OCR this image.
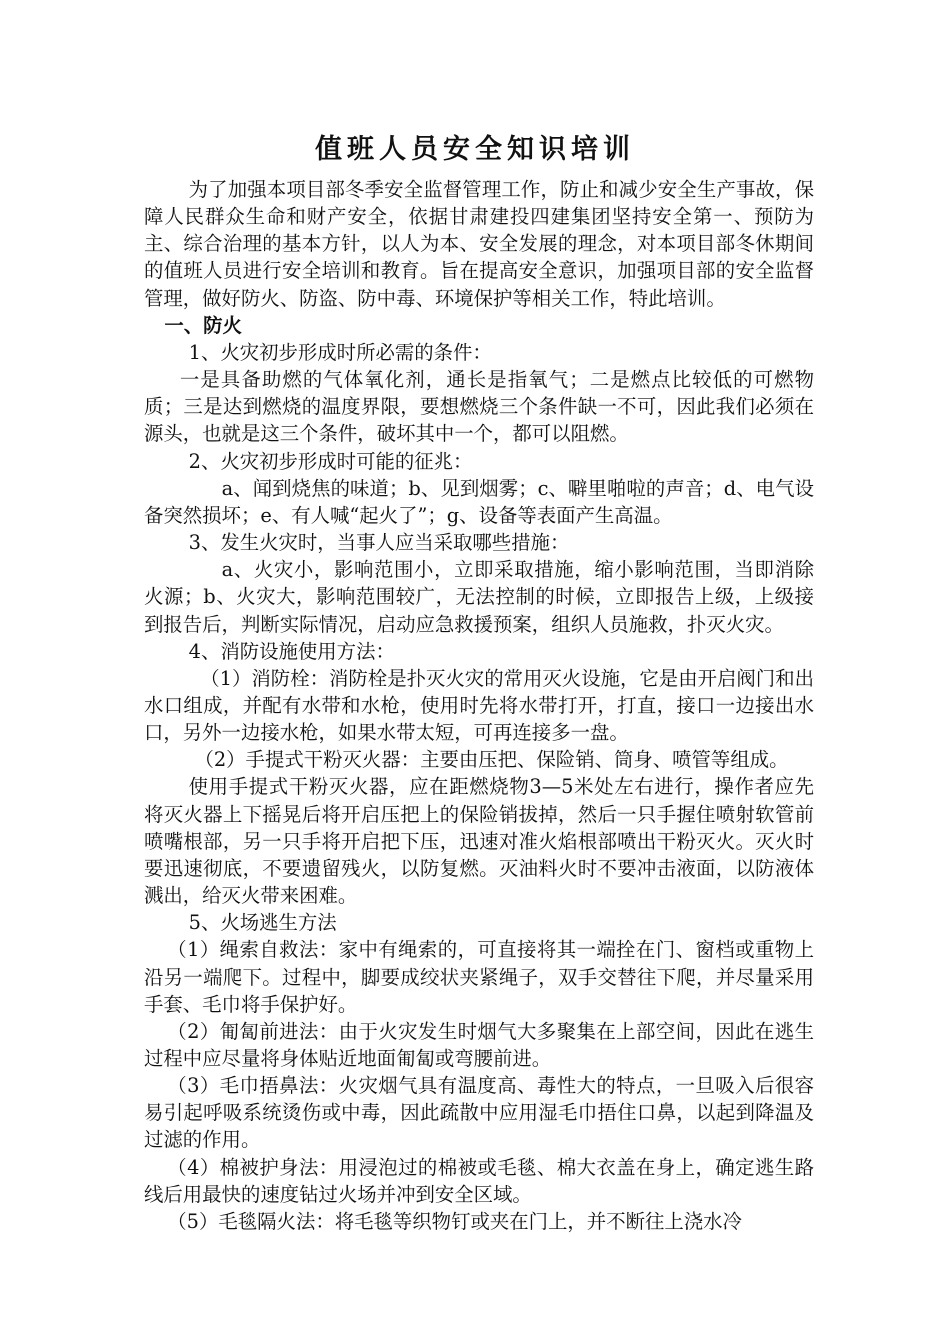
值班人员安全知识培训

为了加强本项目部冬季安全监督管理工作，防止和减少安全生产事故，保障人民群众生命和财产安全，依据甘肃建投四建集团坚持安全第一、预防为主、综合治理的基本方针，以人为本、安全发展的理念，对本项目部冬休期间的值班人员进行安全培训和教育。旨在提高安全意识，加强项目部的安全监督管理，做好防火、防盗、防中毒、环境保护等相关工作，特此培训。

一、防火

1、火灾初步形成时所必需的条件：

一是具备助燃的气体氧化剂，通长是指氧气；二是燃点比较低的可燃物质；三是达到燃烧的温度界限，要想燃烧三个条件缺一不可，因此我们必须在源头，也就是这三个条件，破坏其中一个，都可以阻燃。

2、火灾初步形成时可能的征兆：

a、闻到烧焦的味道；b、见到烟雾；c、噼里啪啦的声音；d、电气设备突然损坏；e、有人喊“起火了”；g、设备等表面产生高温。

3、发生火灾时，当事人应当采取哪些措施：

a、火灾小，影响范围小，立即采取措施，缩小影响范围，当即消除火源；b、火灾大，影响范围较广，无法控制的时候，立即报告上级，上级接到报告后，判断实际情况，启动应急救援预案，组织人员施救，扑灭火灾。

4、消防设施使用方法：

（1）消防栓：消防栓是扑灭火灾的常用灭火设施，它是由开启阀门和出水口组成，并配有水带和水枪，使用时先将水带打开，打直，接口一边接出水口，另外一边接水枪，如果水带太短，可再连接多一盘。

（2）手提式干粉灭火器：主要由压把、保险销、筒身、喷管等组成。

使用手提式干粉灭火器，应在距燃烧物3—5米处左右进行，操作者应先将灭火器上下摇晃后将开启压把上的保险销拔掉，然后一只手握住喷射软管前喷嘴根部，另一只手将开启把下压，迅速对准火焰根部喷出干粉灭火。灭火时要迅速彻底，不要遗留残火，以防复燃。灭油料火时不要冲击液面，以防液体溅出，给灭火带来困难。

5、火场逃生方法

（1）绳索自救法：家中有绳索的，可直接将其一端拴在门、窗档或重物上沿另一端爬下。过程中，脚要成绞状夹紧绳子，双手交替往下爬，并尽量采用手套、毛巾将手保护好。

（2）匍匐前进法：由于火灾发生时烟气大多聚集在上部空间，因此在逃生过程中应尽量将身体贴近地面匍匐或弯腰前进。

（3）毛巾捂鼻法：火灾烟气具有温度高、毒性大的特点，一旦吸入后很容易引起呼吸系统烫伤或中毒，因此疏散中应用湿毛巾捂住口鼻，以起到降温及过滤的作用。

（4）棉被护身法：用浸泡过的棉被或毛毯、棉大衣盖在身上，确定逃生路线后用最快的速度钻过火场并冲到安全区域。

（5）毛毯隔火法：将毛毯等织物钉或夹在门上，并不断往上浇水冷
